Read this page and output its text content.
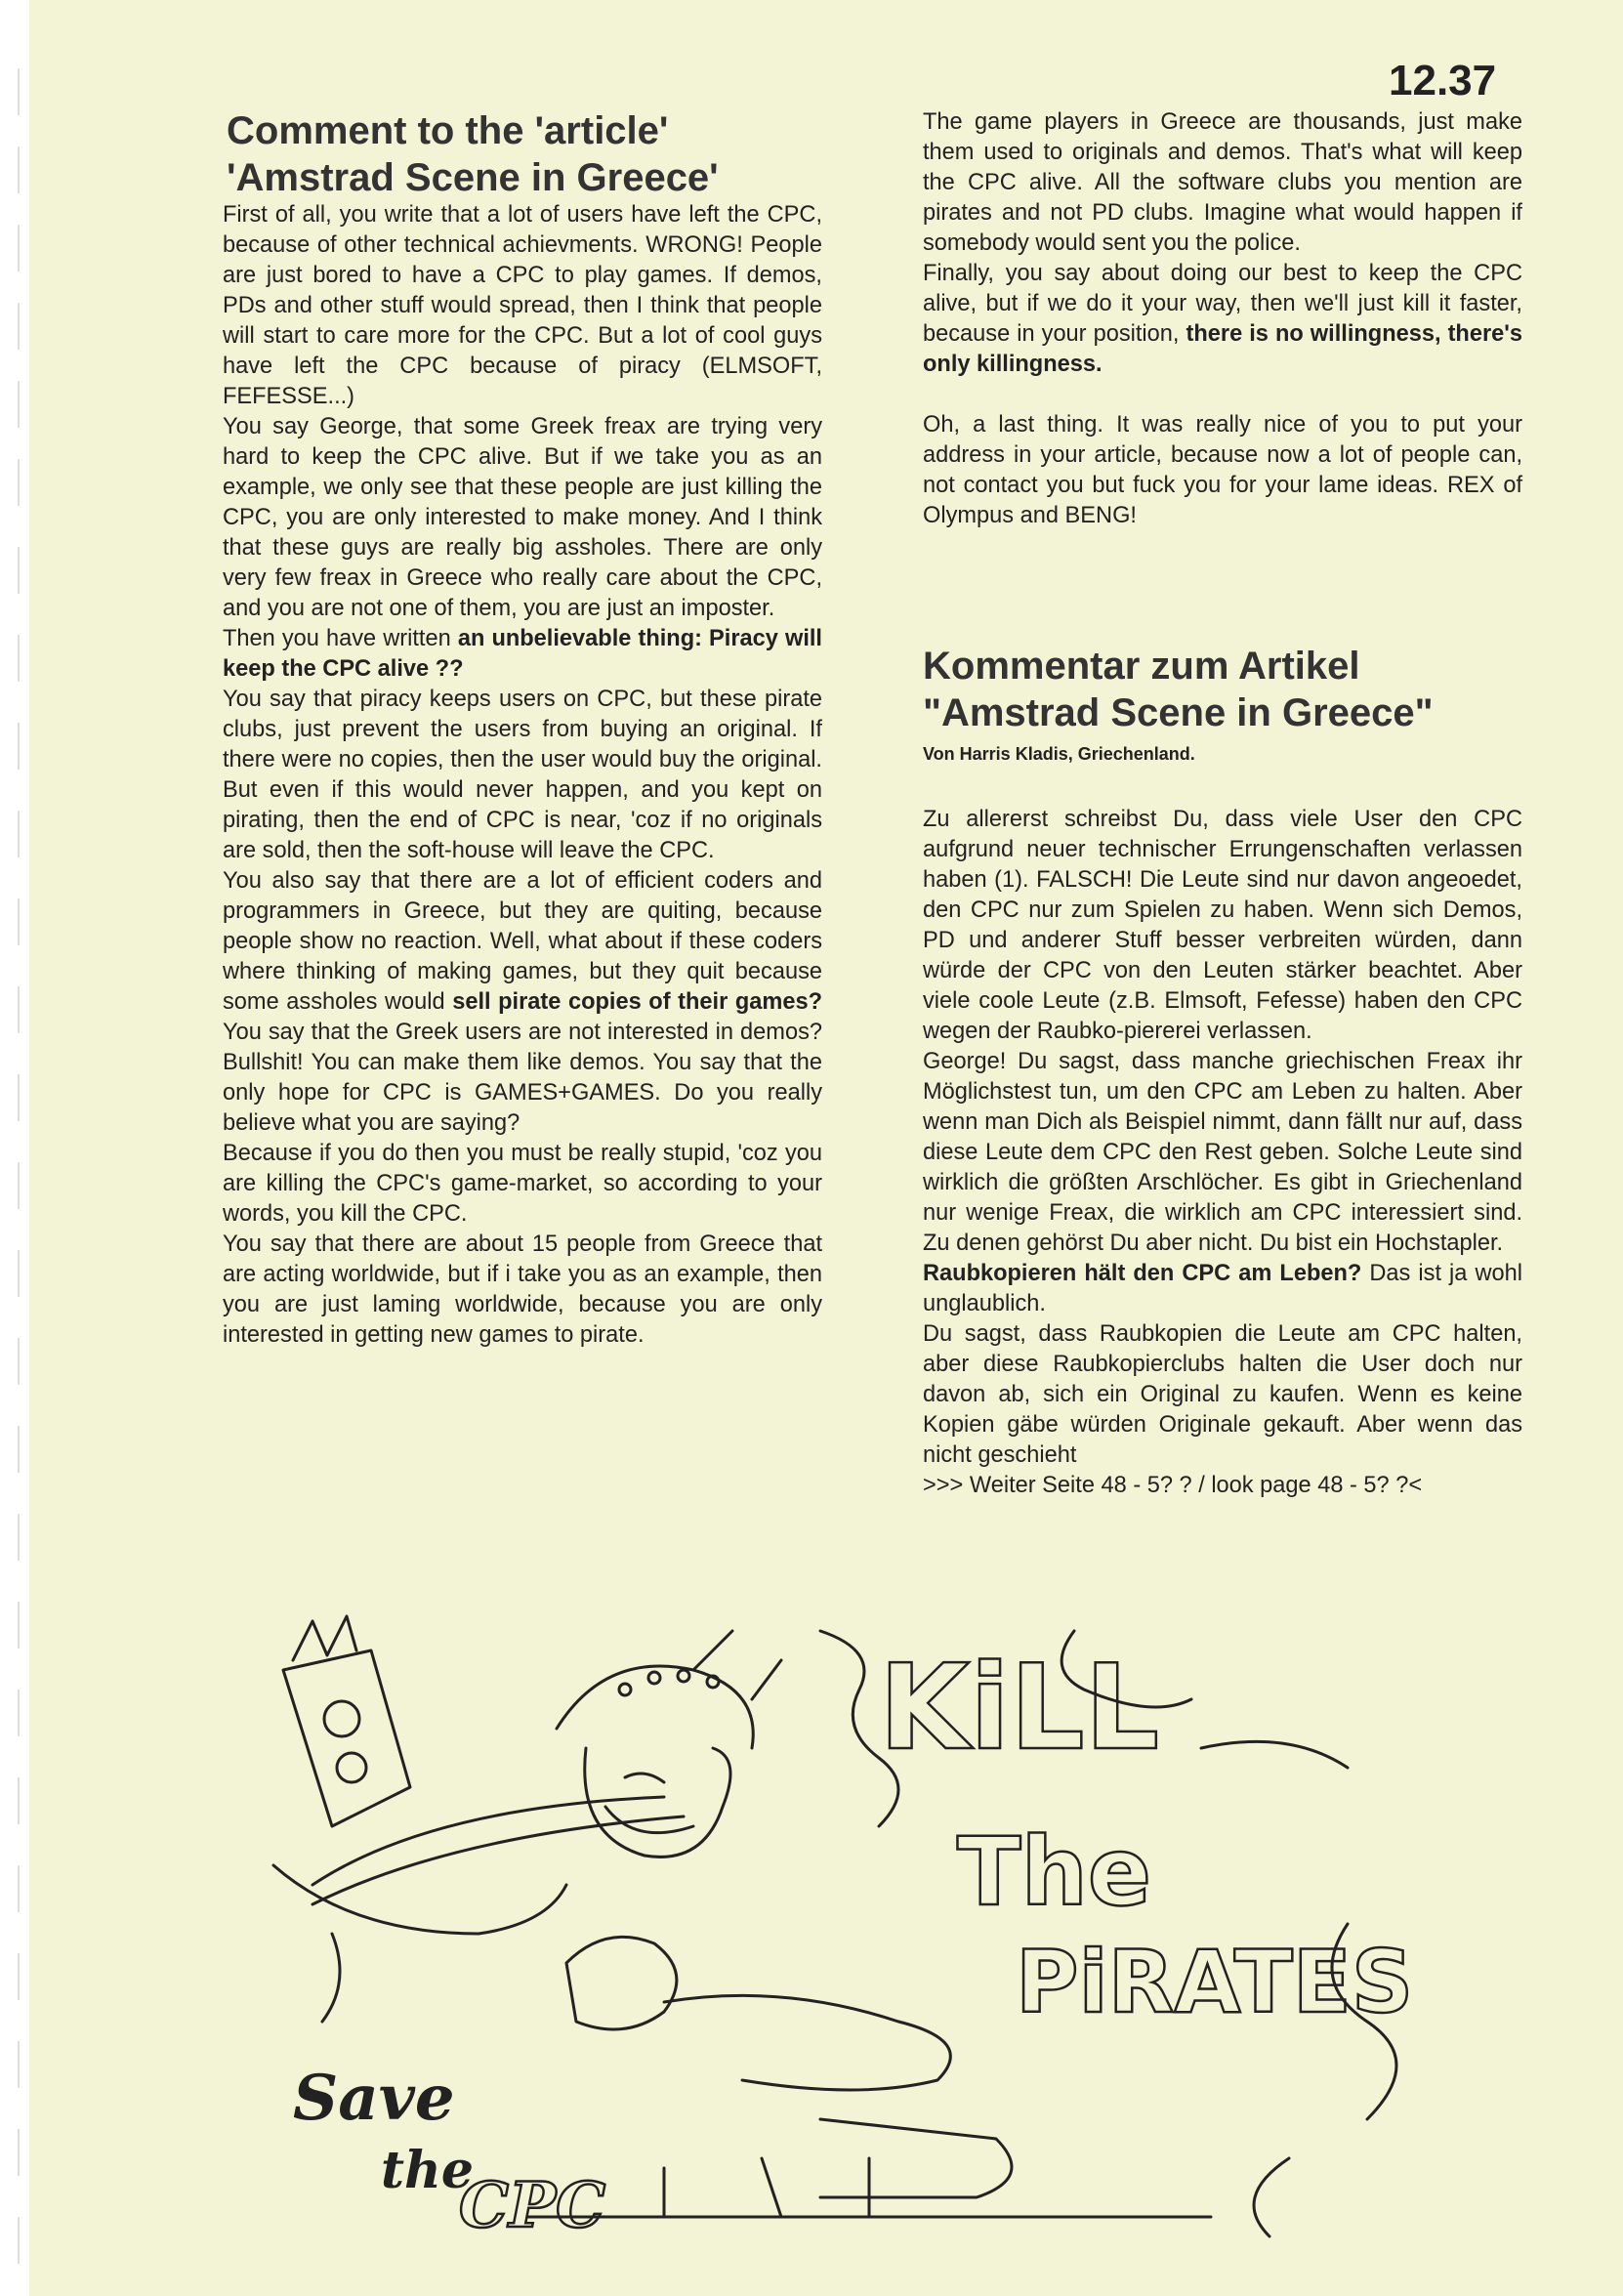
12.37
Comment to the 'article'
'Amstrad Scene in Greece'

First of all, you write that a lot of users have left the CPC, because of other technical achievments. WRONG! People are just bored to have a CPC to play games. If demos, PDs and other stuff would spread, then I think that people will start to care more for the CPC. But a lot of cool guys have left the CPC because of piracy (ELMSOFT, FEFESSE...)

You say George, that some Greek freax are trying very hard to keep the CPC alive. But if we take you as an example, we only see that these people are just killing the CPC, you are only interested to make money. And I think that these guys are really big assholes. There are only very few freax in Greece who really care about the CPC, and you are not one of them, you are just an imposter.

Then you have written an unbelievable thing: Piracy will keep the CPC alive ??

You say that piracy keeps users on CPC, but these pirate clubs, just prevent the users from buying an original. If there were no copies, then the user would buy the original. But even if this would never happen, and you kept on pirating, then the end of CPC is near, 'coz if no originals are sold, then the soft-house will leave the CPC.

You also say that there are a lot of efficient coders and programmers in Greece, but they are quiting, because people show no reaction. Well, what about if these coders where thinking of making games, but they quit because some assholes would sell pirate copies of their games? You say that the Greek users are not interested in demos? Bullshit! You can make them like demos. You say that the only hope for CPC is GAMES+GAMES. Do you really believe what you are saying?

Because if you do then you must be really stupid, 'coz you are killing the CPC's game-market, so according to your words, you kill the CPC.

You say that there are about 15 people from Greece that are acting worldwide, but if i take you as an example, then you are just laming worldwide, because you are only interested in getting new games to pirate.

The game players in Greece are thousands, just make them used to originals and demos. That's what will keep the CPC alive. All the software clubs you mention are pirates and not PD clubs. Imagine what would happen if somebody would sent you the police.

Finally, you say about doing our best to keep the CPC alive, but if we do it your way, then we'll just kill it faster, because in your position, there is no willingness, there's only killingness.

Oh, a last thing. It was really nice of you to put your address in your article, because now a lot of people can, not contact you but fuck you for your lame ideas. REX of Olympus and BENG!

Kommentar zum Artikel
"Amstrad Scene in Greece"
Von Harris Kladis, Griechenland.

Zu allererst schreibst Du, dass viele User den CPC aufgrund neuer technischer Errungenschaften verlassen haben (1). FALSCH! Die Leute sind nur davon angeoedet, den CPC nur zum Spielen zu haben. Wenn sich Demos, PD und anderer Stuff besser verbreiten würden, dann würde der CPC von den Leuten stärker beachtet. Aber viele coole Leute (z.B. Elmsoft, Fefesse) haben den CPC wegen der Raubko-piererei verlassen.

George! Du sagst, dass manche griechischen Freax ihr Möglichstest tun, um den CPC am Leben zu halten. Aber wenn man Dich als Beispiel nimmt, dann fällt nur auf, dass diese Leute dem CPC den Rest geben. Solche Leute sind wirklich die größten Arschlöcher. Es gibt in Griechenland nur wenige Freax, die wirklich am CPC interessiert sind. Zu denen gehörst Du aber nicht. Du bist ein Hochstapler.

Raubkopieren hält den CPC am Leben? Das ist ja wohl unglaublich.

Du sagst, dass Raubkopien die Leute am CPC halten, aber diese Raubkopierclubs halten die User doch nur davon ab, sich ein Original zu kaufen. Wenn es keine Kopien gäbe würden Originale gekauft. Aber wenn das nicht geschieht

>>> Weiter Seite 48 - 5? ? / look page 48 - 5? ?<

KiLL
The
PiRATES
Save
the
CPC
